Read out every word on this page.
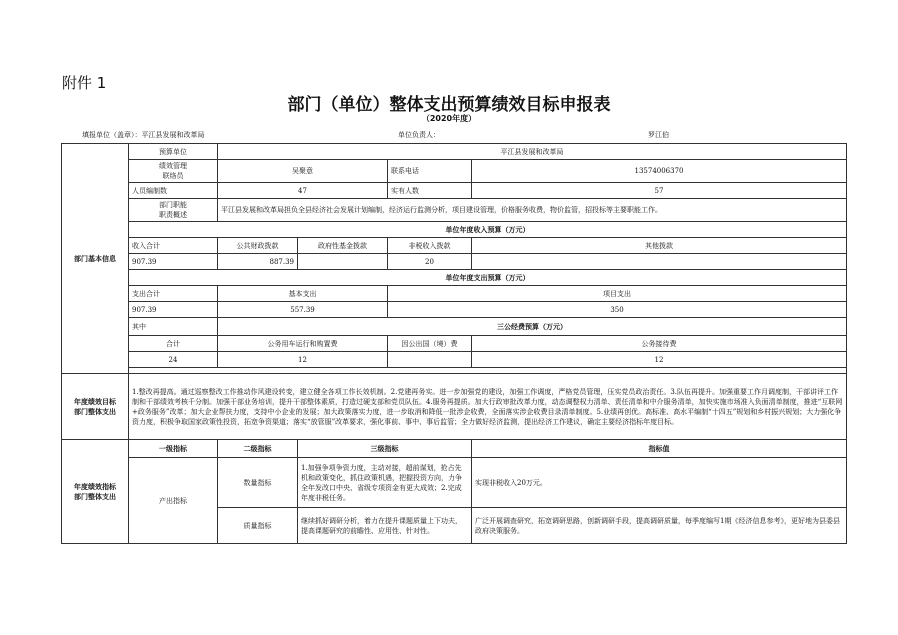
附件 1
部门（单位）整体支出预算绩效目标申报表
（2020年度）
填报单位（盖章）：平江县发展和改革局	单位负责人：	罗江伯
部门基本信息	预算单位	平江县发展和改革局			
	绩效管理
联络员	吴聚意		联系电话	13574006370
	人员编制数	47		实有人数	57
	部门职能
职责概述	平江县发展和改革局担负全县经济社会发展计划编制，经济运行监测分析，项目建设管理，价格服务收费，物价监管，招投标等主要职能工作。			
	单位年度收入预算（万元）				
	收入合计	公共财政拨款	政府性基金拨款	非税收入拨款	其他拨款
	907.39	887.39		20	
	单位年度支出预算（万元）				
	支出合计	基本支出		项目支出	
	907.39	557.39		350	
	其中	三公经费预算（万元）			
	合计	公务用车运行和购置费		因公出国（境）费	公务接待费
	24	12			12

年度绩效目标
部门整体支出	1.整改再提高。通过巡察整改工作推动作风建设转变，建立健全各项工作长效机制。2.党建再务实。进一步加强党的建设，加强工作调度，严格党员管理，压实党员政治责任。3.队伍再提升。加强重要工作月调度制，干部讲评工作制和干部绩效考核千分制。加强干部业务培训，提升干部整体素质，打造过硬支部和党员队伍。4.服务再提质。加大行政审批改革力度，动态调整权力清单、责任清单和中介服务清单，加快实施市场准入负面清单制度，推进“互联网+政务服务”改革；加大企业帮扶力度，支持中小企业的发展；加大政策落实力度，进一步取消和降低一批涉企收费，全面落实涉企收费目录清单制度。5.业绩再创优。高标准、高水平编制“十四五”规划和乡村振兴规划；大力强化争资力度，积极争取国家政策性投资，拓宽争资渠道；落实“放管服”改革要求，强化事前、事中、事后监管；全力做好经济监测，提出经济工作建议，确定主要经济指标年度目标。				
年度绩效指标
部门整体支出	一级指标	二级指标	三级指标		指标值
	产出指标	数量指标	1.加强争项争资力度，主动对接，超前谋划，抢占先机和政策变化，抓住政策机遇，把握投资方向，力争全年发改口中央、省级专项资金有更大成效；2.完成年度非税任务。		实现非税收入20万元。
		质量指标	继续抓好调研分析，着力在提升课题质量上下功夫，提高课题研究的前瞻性、应用性、针对性。		广泛开展调查研究，拓宽调研思路，创新调研手段，提高调研质量，每季度编写1期《经济信息参考》，更好地为县委县政府决策服务。
